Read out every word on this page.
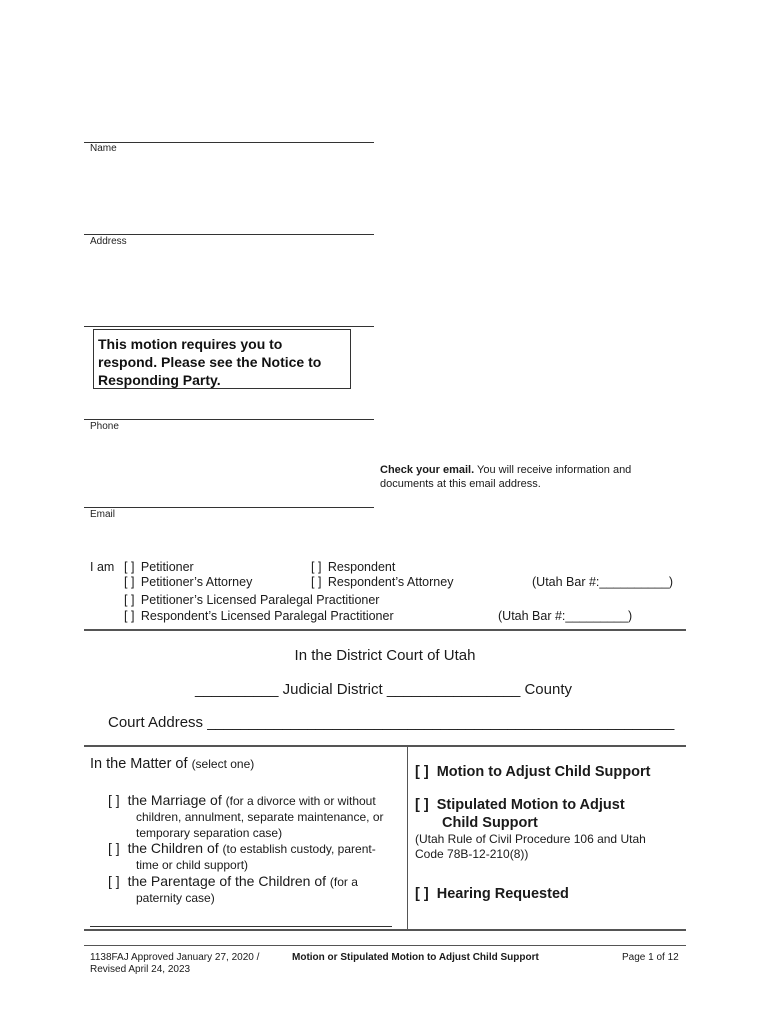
Name
Address
This motion requires you to
respond. Please see the Notice to
Responding Party.
Phone
Check your email. You will receive information and
documents at this email address.
Email
I am [ ] Petitioner	[ ] Respondent
[ ] Petitioner’s Attorney	[ ] Respondent’s Attorney	(Utah Bar #:__________)
[ ] Petitioner’s Licensed Paralegal Practitioner
[ ] Respondent’s Licensed Paralegal Practitioner	(Utah Bar #:_________)
In the District Court of Utah
__________ Judicial District ________________ County
Court Address ________________________________________________________
In the Matter of (select one)
[ ] the Marriage of (for a divorce with or without
children, annulment, separate maintenance, or
temporary separation case)
[ ] the Children of (to establish custody, parent-
time or child support)
[ ] the Parentage of the Children of (for a
paternity case)
[ ] Motion to Adjust Child Support
[ ] Stipulated Motion to Adjust
Child Support
(Utah Rule of Civil Procedure 106 and Utah
Code 78B-12-210(8))
[ ] Hearing Requested
1138FAJ Approved January 27, 2020 /
Revised April 24, 2023
Motion or Stipulated Motion to Adjust Child Support	Page 1 of 12
